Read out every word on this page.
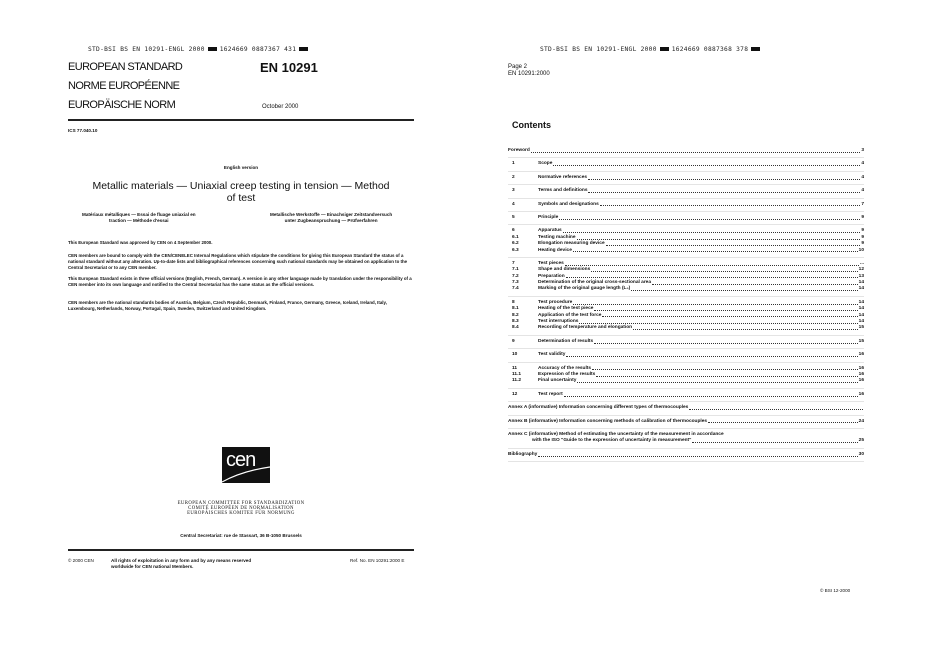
STD-BSI BS EN 10291-ENGL 2000 1624669 0887367 431
EUROPEAN STANDARD
NORME EUROPÉENNE
EUROPÄISCHE NORM
EN 10291
October 2000
ICS 77.040.10
English version
Metallic materials — Uniaxial creep testing in tension — Method
of test
Matériaux métalliques — Essai de fluage uniaxial en
traction — Méthode d'essai
Metallische Werkstoffe — Einachsiger Zeitstandversuch
unter Zugbeanspruchung — Prüfverfahren
This European Standard was approved by CEN on 4 September 2000.
CEN members are bound to comply with the CEN/CENELEC Internal Regulations which stipulate the conditions for giving this European Standard the status of a national standard without any alteration. Up-to-date lists and bibliographical references concerning such national standards may be obtained on application to the Central Secretariat or to any CEN member.
This European Standard exists in three official versions (English, French, German). A version in any other language made by translation under the responsibility of a CEN member into its own language and notified to the Central Secretariat has the same status as the official versions.
CEN members are the national standards bodies of Austria, Belgium, Czech Republic, Denmark, Finland, France, Germany, Greece, Iceland, Ireland, Italy, Luxembourg, Netherlands, Norway, Portugal, Spain, Sweden, Switzerland and United Kingdom.
cen
EUROPEAN COMMITTEE FOR STANDARDIZATION
COMITÉ EUROPÉEN DE NORMALISATION
EUROPÄISCHES KOMITEE FÜR NORMUNG
Central Secretariat: rue de Stassart, 36 B-1050 Brussels
© 2000 CEN	All rights of exploitation in any form and by any means reserved
worldwide for CEN national Members.
Ref. No. EN 10291:2000 E
STD-BSI BS EN 10291-ENGL 2000 1624669 0887368 378
Page 2
EN 10291:2000
Contents
Foreword	3
1	Scope	4
2	Normative references	4
3	Terms and definitions	4
4	Symbols and designations	7
5	Principle	9
6	Apparatus	9
6.1	Testing machine	9
6.2	Elongation measuring device	9
6.3	Heating device	10
7	Test pieces	...
7.1	Shape and dimensions	12
7.2	Preparation	13
7.3	Determination of the original cross-sectional area	14
7.4	Marking of the original gauge length (L₀)	14
8	Test procedure	14
8.1	Heating of the test piece	14
8.2	Application of the test force	14
8.3	Test interruptions	14
8.4	Recording of temperature and elongation	15
9	Determination of results	15
10	Test validity	16
11	Accuracy of the results	16
11.1	Expression of the results	16
11.2	Final uncertainty	16
12	Test report	16
Annex A (informative) Information concerning different types of thermocouples
Annex B (informative) Information concerning methods of calibration of thermocouples	24
Annex C (informative) Method of estimating the uncertainty of the measurement in accordance
with the ISO "Guide to the expression of uncertainty in measurement"	25
Bibliography	30
© BSI 12-2000
